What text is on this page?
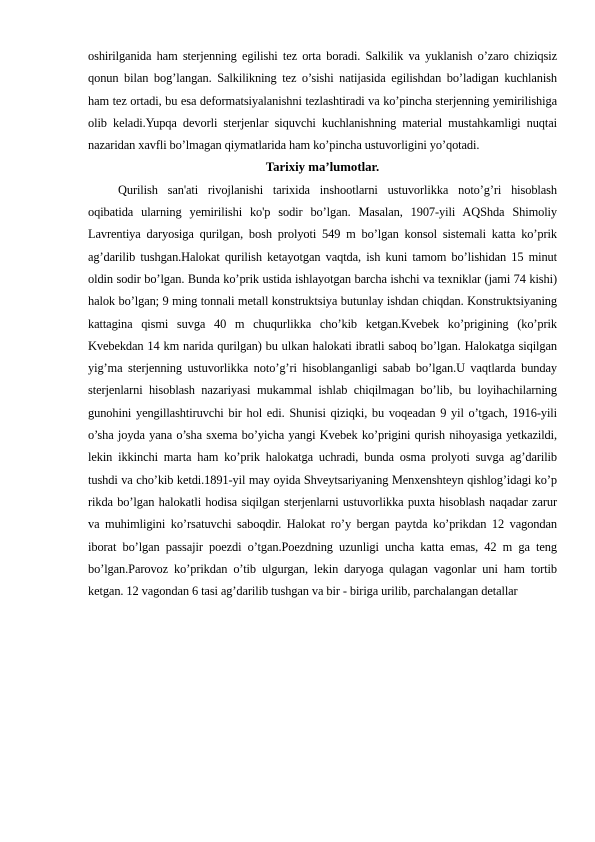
oshirilganida ham sterjenning egilishi tez orta boradi. Salkilik va yuklanish o’zaro chiziqsiz qonun bilan bog’langan. Salkilikning tez o’sishi natijasida egilishdan bo’ladigan kuchlanish ham tez ortadi, bu esa deformatsiyalanishni tezlashtiradi va ko’pincha sterjenning yemirilishiga olib keladi.Yupqa devorli sterjenlar siquvchi kuchlanishning material mustahkamligi nuqtai nazaridan xavfli bo’lmagan qiymatlarida ham ko’pincha ustuvorligini yo’qotadi.

Tarixiy ma’lumotlar.

Qurilish san'ati rivojlanishi tarixida inshootlarni ustuvorlikka noto’g’ri hisoblash oqibatida ularning yemirilishi ko'p sodir bo’lgan. Masalan, 1907-yili AQShda Shimoliy Lavrentiya daryosiga qurilgan, bosh prolyoti 549 m bo’lgan konsol sistemali katta ko’prik ag’darilib tushgan.Halokat qurilish ketayotgan vaqtda, ish kuni tamom bo’lishidan 15 minut oldin sodir bo’lgan. Bunda ko’prik ustida ishlayotgan barcha ishchi va texniklar (jami 74 kishi) halok bo’lgan; 9 ming tonnali metall konstruktsiya butunlay ishdan chiqdan. Konstruktsiyaning kattagina qismi suvga 40 m chuqurlikka cho’kib ketgan.Kvebek ko’prigining (ko’prik Kvebekdan 14 km narida qurilgan) bu ulkan halokati ibratli saboq bo’lgan. Halokatga siqilgan yig’ma sterjenning ustuvorlikka noto’g’ri hisoblanganligi sabab bo’lgan.U vaqtlarda bunday sterjenlarni hisoblash nazariyasi mukammal ishlab chiqilmagan bo’lib, bu loyihachilarning gunohini yengillashtiruvchi bir hol edi. Shunisi qiziqki, bu voqeadan 9 yil o’tgach, 1916-yili o’sha joyda yana o’sha sxema bo’yicha yangi Kvebek ko’prigini qurish nihoyasiga yetkazildi, lekin ikkinchi marta ham ko’prik halokatga uchradi, bunda osma prolyoti suvga ag’darilib tushdi va cho’kib ketdi.1891-yil may oyida Shveytsariyaning Menxenshteyn qishlog’idagi ko’p rikda bo’lgan halokatli hodisa siqilgan sterjenlarni ustuvorlikka puxta hisoblash naqadar zarur va muhimligini ko’rsatuvchi saboqdir. Halokat ro’y bergan paytda ko’prikdan 12 vagondan iborat bo’lgan passajir poezdi o’tgan.Poezdning uzunligi uncha katta emas, 42 m ga teng bo’lgan.Parovoz ko’prikdan o’tib ulgurgan, lekin daryoga qulagan vagonlar uni ham tortib ketgan. 12 vagondan 6 tasi ag’darilib tushgan va bir - biriga urilib, parchalangan detallar
